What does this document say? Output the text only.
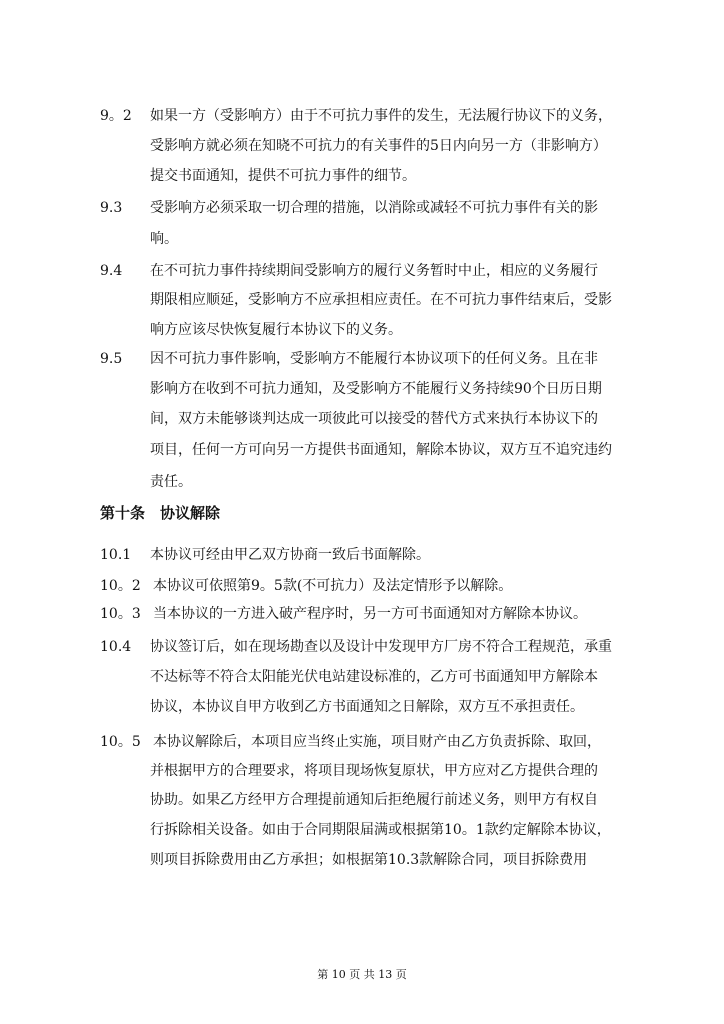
9。2 如果一方（受影响方）由于不可抗力事件的发生，无法履行协议下的义务，
受影响方就必须在知晓不可抗力的有关事件的5日内向另一方（非影响方）
提交书面通知，提供不可抗力事件的细节。
9.3 受影响方必须采取一切合理的措施，以消除或减轻不可抗力事件有关的影
响。
9.4 在不可抗力事件持续期间受影响方的履行义务暂时中止，相应的义务履行
期限相应顺延，受影响方不应承担相应责任。在不可抗力事件结束后，受影
响方应该尽快恢复履行本协议下的义务。
9.5 因不可抗力事件影响，受影响方不能履行本协议项下的任何义务。且在非
影响方在收到不可抗力通知，及受影响方不能履行义务持续90个日历日期
间，双方未能够谈判达成一项彼此可以接受的替代方式来执行本协议下的
项目，任何一方可向另一方提供书面通知，解除本协议，双方互不追究违约
责任。
第十条　协议解除
10.1 本协议可经由甲乙双方协商一致后书面解除。
10。2 本协议可依照第9。5款(不可抗力）及法定情形予以解除。
10。3 当本协议的一方进入破产程序时，另一方可书面通知对方解除本协议。
10.4 协议签订后，如在现场勘查以及设计中发现甲方厂房不符合工程规范，承重
不达标等不符合太阳能光伏电站建设标准的，乙方可书面通知甲方解除本
协议，本协议自甲方收到乙方书面通知之日解除，双方互不承担责任。
10。5 本协议解除后，本项目应当终止实施，项目财产由乙方负责拆除、取回，
并根据甲方的合理要求，将项目现场恢复原状，甲方应对乙方提供合理的
协助。如果乙方经甲方合理提前通知后拒绝履行前述义务，则甲方有权自
行拆除相关设备。如由于合同期限届满或根据第10。1款约定解除本协议，
则项目拆除费用由乙方承担；如根据第10.3款解除合同，项目拆除费用
第 10 页 共 13 页
